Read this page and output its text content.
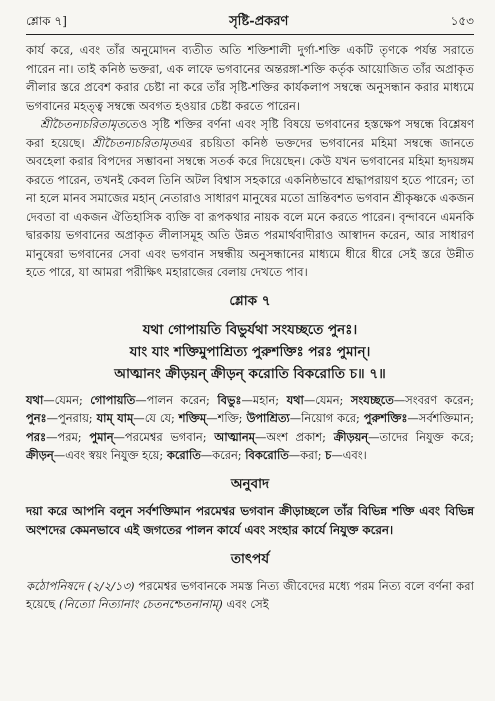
শ্লোক ৭]	সৃষ্টি-প্রকরণ	১৫৩

কার্য করে, এবং তাঁর অনুমোদন ব্যতীত অতি শক্তিশালী দুর্গা-শক্তি একটি তৃণকে পর্যন্ত সরাতে পারেন না। তাই কনিষ্ঠ ভক্তরা, এক লাফে ভগবানের অন্তরঙ্গা-শক্তি কর্তৃক আয়োজিত তাঁর অপ্রাকৃত লীলার স্তরে প্রবেশ করার চেষ্টা না করে তাঁর সৃষ্টি-শক্তির কার্যকলাপ সম্বন্ধে অনুসন্ধান করার মাধ্যমে ভগবানের মহত্ত্ব সম্বন্ধে অবগত হওয়ার চেষ্টা করতে পারেন।

শ্রীচৈতন্যচরিতামৃততেও সৃষ্টি শক্তির বর্ণনা এবং সৃষ্টি বিষয়ে ভগবানের হস্তক্ষেপ সম্বন্ধে বিশ্লেষণ করা হয়েছে। শ্রীচৈতন্যচরিতামৃতএর রচয়িতা কনিষ্ঠ ভক্তদের ভগবানের মহিমা সম্বন্ধে জানতে অবহেলা করার বিপদের সম্ভাবনা সম্বন্ধে সতর্ক করে দিয়েছেন। কেউ যখন ভগবানের মহিমা হৃদয়ঙ্গম করতে পারেন, তখনই কেবল তিনি অটল বিশ্বাস সহকারে একনিষ্ঠভাবে শ্রদ্ধাপরায়ণ হতে পারেন; তা না হলে মানব সমাজের মহান্ নেতারাও সাধারণ মানুষের মতো ভ্রান্তিবশত ভগবান শ্রীকৃষ্ণকে একজন দেবতা বা একজন ঐতিহাসিক ব্যক্তি বা রূপকথার নায়ক বলে মনে করতে পারেন। বৃন্দাবনে এমনকি দ্বারকায় ভগবানের অপ্রাকৃত লীলাসমূহ অতি উন্নত পরমার্থবাদীরাও আস্বাদন করেন, আর সাধারণ মানুষেরা ভগবানের সেবা এবং ভগবান সম্বন্ধীয় অনুসন্ধানের মাধ্যমে ধীরে ধীরে সেই স্তরে উন্নীত হতে পারে, যা আমরা পরীক্ষিৎ মহারাজের বেলায় দেখতে পাব।

শ্লোক ৭
যথা গোপায়তি বিভুর্যথা সংযচ্ছতে পুনঃ।
যাং যাং শক্তিমুপাশ্রিত্য পুরুশক্তিঃ পরঃ পুমান্।
আত্মানং ক্রীড়য়ন্ ক্রীড়ন্ করোতি বিকরোতি চ॥ ৭॥
যথা—যেমন; গোপায়তি—পালন করেন; বিভুঃ—মহান; যথা—যেমন; সংযচ্ছতে—সংবরণ করেন; পুনঃ—পুনরায়; যাম্ যাম্—যে যে; শক্তিম্—শক্তি; উপাশ্রিত্য—নিয়োগ করে; পুরুশক্তিঃ—সর্বশক্তিমান; পরঃ—পরম; পুমান্—পরমেশ্বর ভগবান; আত্মানম্—অংশ প্রকাশ; ক্রীড়য়ন্—তাদের নিযুক্ত করে; ক্রীড়ন্—এবং স্বয়ং নিযুক্ত হয়ে; করোতি—করেন; বিকরোতি—করা; চ—এবং।
অনুবাদ

দয়া করে আপনি বলুন সর্বশক্তিমান পরমেশ্বর ভগবান ক্রীড়াচ্ছলে তাঁর বিভিন্ন শক্তি এবং বিভিন্ন অংশদের কেমনভাবে এই জগতের পালন কার্যে এবং সংহার কার্যে নিযুক্ত করেন।

তাৎপর্য

কঠোপনিষদে (২/২/১৩) পরমেশ্বর ভগবানকে সমস্ত নিত্য জীবেদের মধ্যে পরম নিত্য বলে বর্ণনা করা হয়েছে (নিত্যো নিত্যানাং চেতনশ্চেতনানাম্) এবং সেই
